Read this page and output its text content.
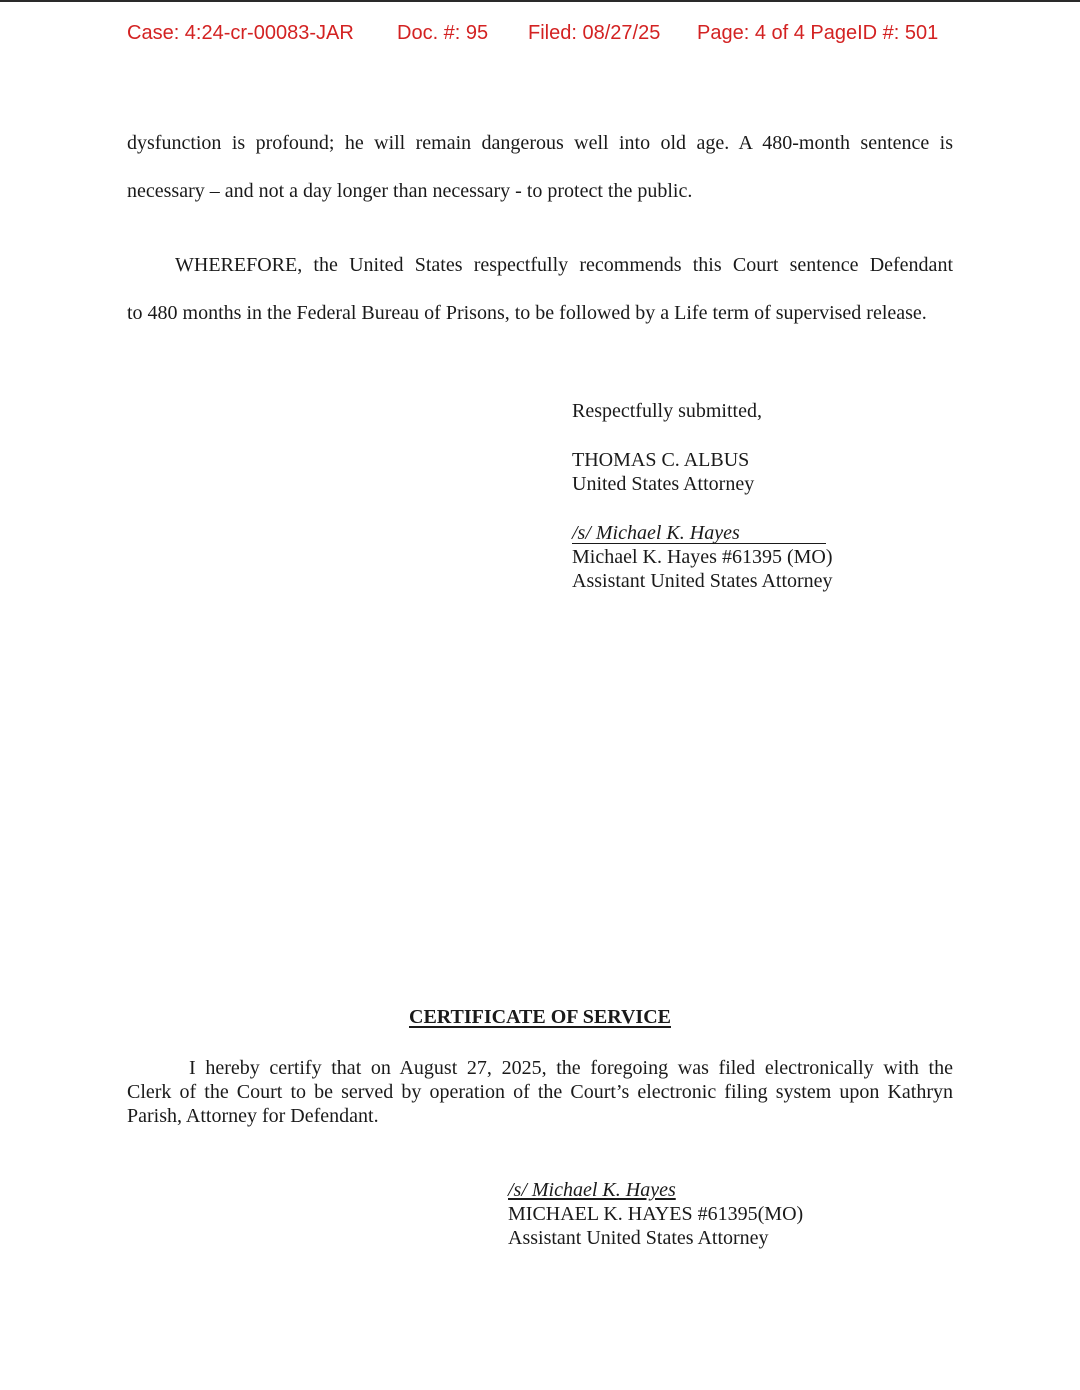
Case: 4:24-cr-00083-JAR Doc. #: 95 Filed: 08/27/25 Page: 4 of 4 PageID #: 501
dysfunction is profound; he will remain dangerous well into old age. A 480-month sentence is
necessary – and not a day longer than necessary - to protect the public.
WHEREFORE, the United States respectfully recommends this Court sentence Defendant
to 480 months in the Federal Bureau of Prisons, to be followed by a Life term of supervised release.
Respectfully submitted,
THOMAS C. ALBUS
United States Attorney
/s/ Michael K. Hayes
Michael K. Hayes #61395 (MO)
Assistant United States Attorney
CERTIFICATE OF SERVICE
I hereby certify that on August 27, 2025, the foregoing was filed electronically with the
Clerk of the Court to be served by operation of the Court’s electronic filing system upon Kathryn
Parish, Attorney for Defendant.
/s/ Michael K. Hayes
MICHAEL K. HAYES #61395(MO)
Assistant United States Attorney
